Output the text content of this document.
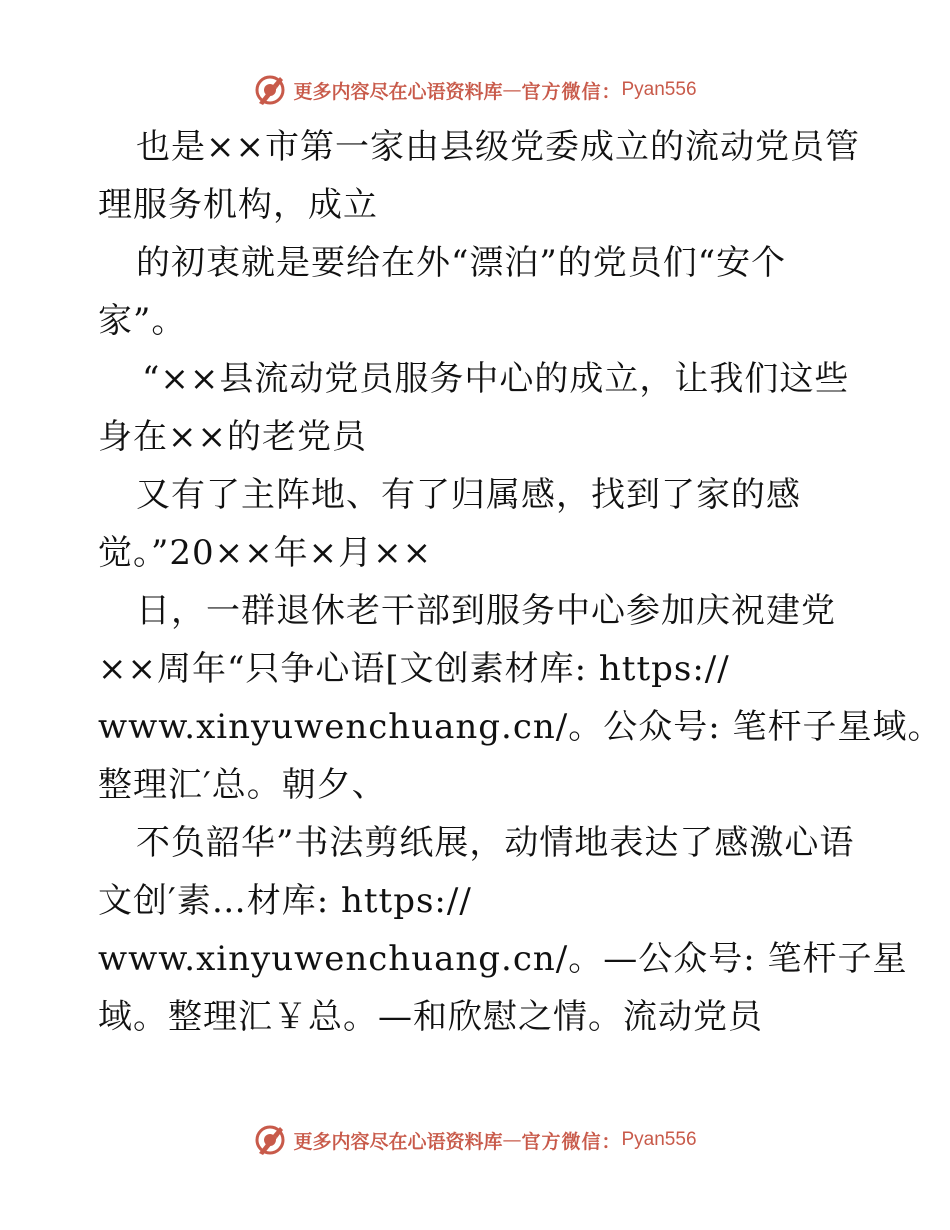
更多内容尽在心语资料库 — 官方微信： Pyan556
也是××市第一家由县级党委成立的流动党员管
理服务机构，成立
的初衷就是要给在外“漂泊”的党员们“安个
家”。
“××县流动党员服务中心的成立，让我们这些
身在××的老党员
又有了主阵地、有了归属感，找到了家的感
觉。”20××年×月××
日，一群退休老干部到服务中心参加庆祝建党
××周年“只争心语[文创素材库: https://
www.xinyuwenchuang.cn/。公众号: 笔杆子星域。
整理汇′总。朝夕、
不负韶华”书法剪纸展，动情地表达了感激心语
文创′素…材库: https://
www.xinyuwenchuang.cn/。—公众号: 笔杆子星
域。整理汇￥总。—和欣慰之情。流动党员
更多内容尽在心语资料库 — 官方微信： Pyan556
